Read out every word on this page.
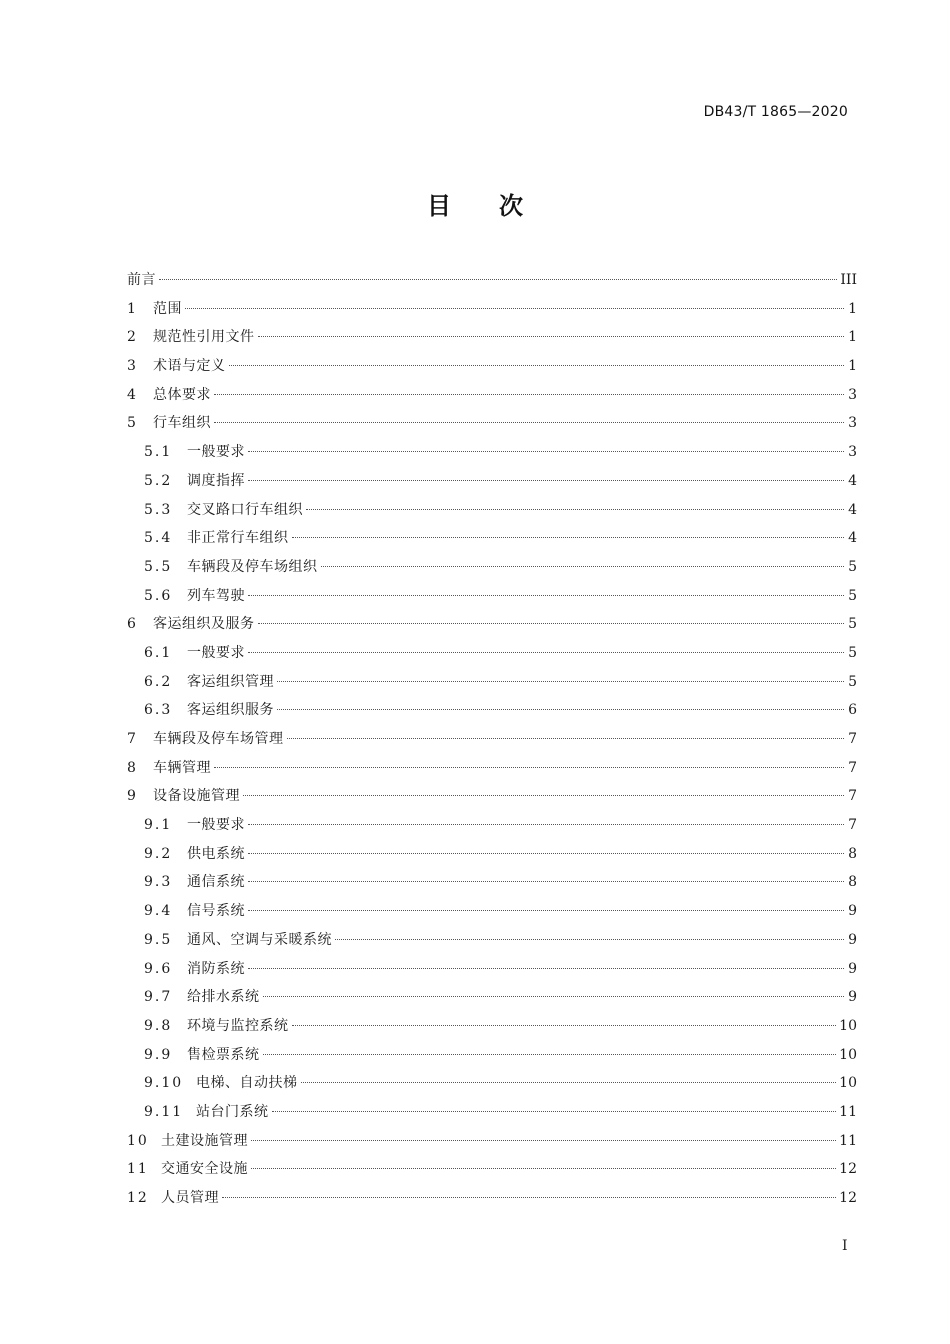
DB43/T 1865—2020
目次
前言	III
1	范围	1
2	规范性引用文件	1
3	术语与定义	1
4	总体要求	3
5	行车组织	3
5.1	一般要求	3
5.2	调度指挥	4
5.3	交叉路口行车组织	4
5.4	非正常行车组织	4
5.5	车辆段及停车场组织	5
5.6	列车驾驶	5
6	客运组织及服务	5
6.1	一般要求	5
6.2	客运组织管理	5
6.3	客运组织服务	6
7	车辆段及停车场管理	7
8	车辆管理	7
9	设备设施管理	7
9.1	一般要求	7
9.2	供电系统	8
9.3	通信系统	8
9.4	信号系统	9
9.5	通风、空调与采暖系统	9
9.6	消防系统	9
9.7	给排水系统	9
9.8	环境与监控系统	10
9.9	售检票系统	10
9.10 电梯、自动扶梯	10
9.11 站台门系统	11
10 土建设施管理	11
11 交通安全设施	12
12 人员管理	12
I
